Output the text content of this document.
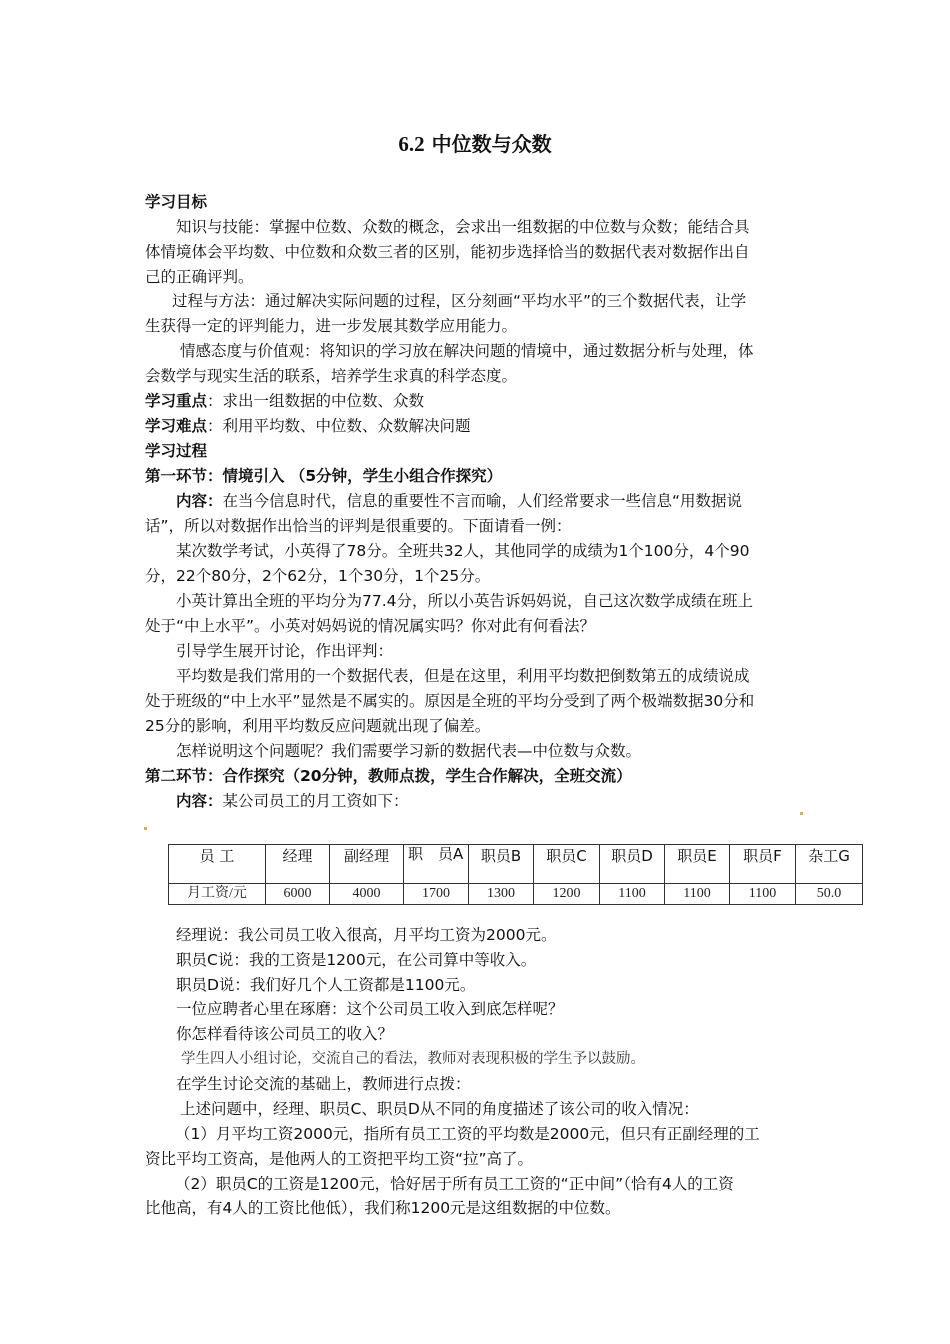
6.2 中位数与众数
学习目标
知识与技能：掌握中位数、众数的概念，会求出一组数据的中位数与众数；能结合具
体情境体会平均数、中位数和众数三者的区别，能初步选择恰当的数据代表对数据作出自
己的正确评判。
过程与方法：通过解决实际问题的过程，区分刻画“平均水平”的三个数据代表，让学
生获得一定的评判能力，进一步发展其数学应用能力。
情感态度与价值观：将知识的学习放在解决问题的情境中，通过数据分析与处理，体
会数学与现实生活的联系，培养学生求真的科学态度。
学习重点：求出一组数据的中位数、众数
学习难点：利用平均数、中位数、众数解决问题
学习过程
第一环节：情境引入 （5分钟，学生小组合作探究）
内容：在当今信息时代，信息的重要性不言而喻，人们经常要求一些信息“用数据说
话”，所以对数据作出恰当的评判是很重要的。下面请看一例：
某次数学考试，小英得了78分。全班共32人，其他同学的成绩为1个100分，4个90
分，22个80分，2个62分，1个30分，1个25分。
小英计算出全班的平均分为77.4分，所以小英告诉妈妈说，自己这次数学成绩在班上
处于“中上水平”。小英对妈妈说的情况属实吗？你对此有何看法？
引导学生展开讨论，作出评判：
平均数是我们常用的一个数据代表，但是在这里，利用平均数把倒数第五的成绩说成
处于班级的“中上水平”显然是不属实的。原因是全班的平均分受到了两个极端数据30分和
25分的影响，利用平均数反应问题就出现了偏差。
怎样说明这个问题呢？我们需要学习新的数据代表—中位数与众数。
第二环节：合作探究（20分钟，教师点拨，学生合作解决，全班交流）
内容：某公司员工的月工资如下：
员 工	经理	副经理	职　员A	职员B	职员C	职员D	职员E	职员F	杂工G
月工资/元	6000	4000	1700	1300	1200	1100	1100	1100	50.0
经理说：我公司员工收入很高，月平均工资为2000元。
职员C说：我的工资是1200元，在公司算中等收入。
职员D说：我们好几个人工资都是1100元。
一位应聘者心里在琢磨：这个公司员工收入到底怎样呢？
你怎样看待该公司员工的收入？
学生四人小组讨论，交流自己的看法，教师对表现积极的学生予以鼓励。
在学生讨论交流的基础上，教师进行点拨：
上述问题中，经理、职员C、职员D从不同的角度描述了该公司的收入情况：
（1）月平均工资2000元，指所有员工工资的平均数是2000元，但只有正副经理的工
资比平均工资高，是他两人的工资把平均工资“拉”高了。
（2）职员C的工资是1200元，恰好居于所有员工工资的“正中间”（恰有4人的工资
比他高，有4人的工资比他低），我们称1200元是这组数据的中位数。
